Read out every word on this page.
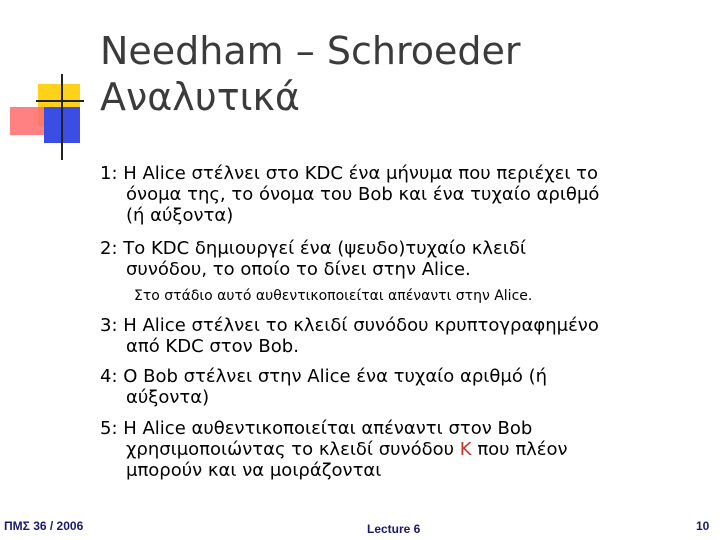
Needham – Schroeder
Αναλυτικά
1: H Alice στέλνει στο KDC ένα μήνυμα που περιέχει το
όνομα της, το όνομα του Bob και ένα τυχαίο αριθμό
(ή αύξοντα)
2: Το KDC δημιουργεί ένα (ψευδο)τυχαίο κλειδί
συνόδου, το οποίο το δίνει στην Alice.
Στο στάδιο αυτό αυθεντικοποιείται απέναντι στην Alice.
3: H Alice στέλνει το κλειδί συνόδου κρυπτογραφημένο
από KDC στον Bob.
4: O Bob στέλνει στην Alice ένα τυχαίο αριθμό (ή
αύξοντα)
5: H Alice αυθεντικοποιείται απέναντι στον Bob
χρησιμοποιώντας το κλειδί συνόδου K που πλέον
μπορούν και να μοιράζονται
ΠΜΣ 36 / 2006	Lecture 6	10
